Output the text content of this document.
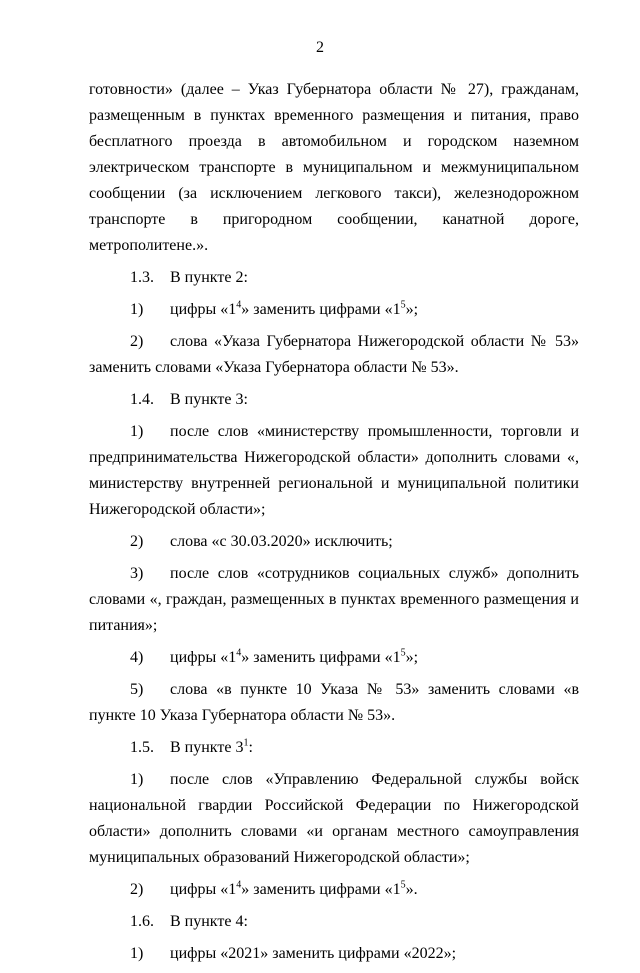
2

готовности» (далее – Указ Губернатора области № 27), гражданам, размещенным в пунктах временного размещения и питания, право бесплатного проезда в автомобильном и городском наземном электрическом транспорте в муниципальном и межмуниципальном сообщении (за исключением легкового такси), железнодорожном транспорте в пригородном сообщении, канатной дороге, метрополитене.».

1.3. В пункте 2:

1) цифры «$1^4$» заменить цифрами «$1^5$»;

2) слова «Указа Губернатора Нижегородской области № 53» заменить словами «Указа Губернатора области № 53».

1.4. В пункте 3:

1) после слов «министерству промышленности, торговли и предпринимательства Нижегородской области» дополнить словами «, министерству внутренней региональной и муниципальной политики Нижегородской области»;

2) слова «с 30.03.2020» исключить;

3) после слов «сотрудников социальных служб» дополнить словами «, граждан, размещенных в пунктах временного размещения и питания»;

4) цифры «$1^4$» заменить цифрами «$1^5$»;

5) слова «в пункте 10 Указа № 53» заменить словами «в пункте 10 Указа Губернатора области № 53».

1.5. В пункте $3^1$:

1) после слов «Управлению Федеральной службы войск национальной гвардии Российской Федерации по Нижегородской области» дополнить словами «и органам местного самоуправления муниципальных образований Нижегородской области»;

2) цифры «$1^4$» заменить цифрами «$1^5$».

1.6. В пункте 4:

1) цифры «2021» заменить цифрами «2022»;
